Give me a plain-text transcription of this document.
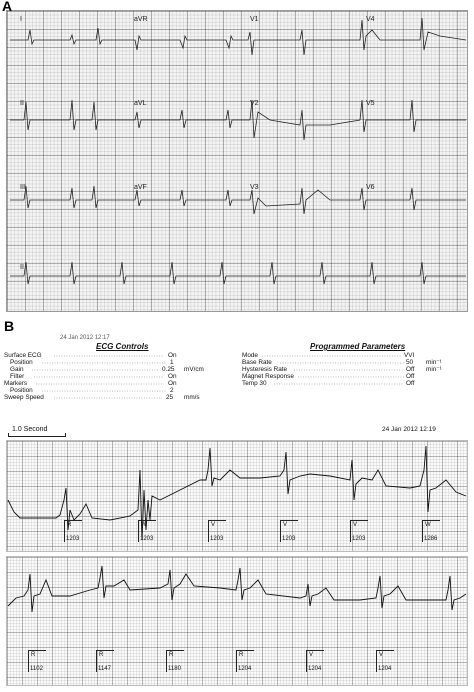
A
I	aVR	V1	V4
II	aVL	V2	V5
III	aVF	V3	V6
II
B
24 Jan 2012 12:17
ECG Controls
Surface ECG	On
Position	1
Gain	0.25 mV/cm
Filter	On
Markers	On
Position	2
Sweep Speed	25 mm/s
Programmed Parameters
Mode	VVI
Base Rate	50 min⁻¹
Hysteresis Rate	Off min⁻¹
Magnet Response	Off
Temp 30	Off
1.0 Second	24 Jan 2012 12:19
R
1203
W
1203
V
1203
V
1203
V
1203
W
1286
R
1102
R
1147
R
1180
R
1204
V
1204
V
1204
